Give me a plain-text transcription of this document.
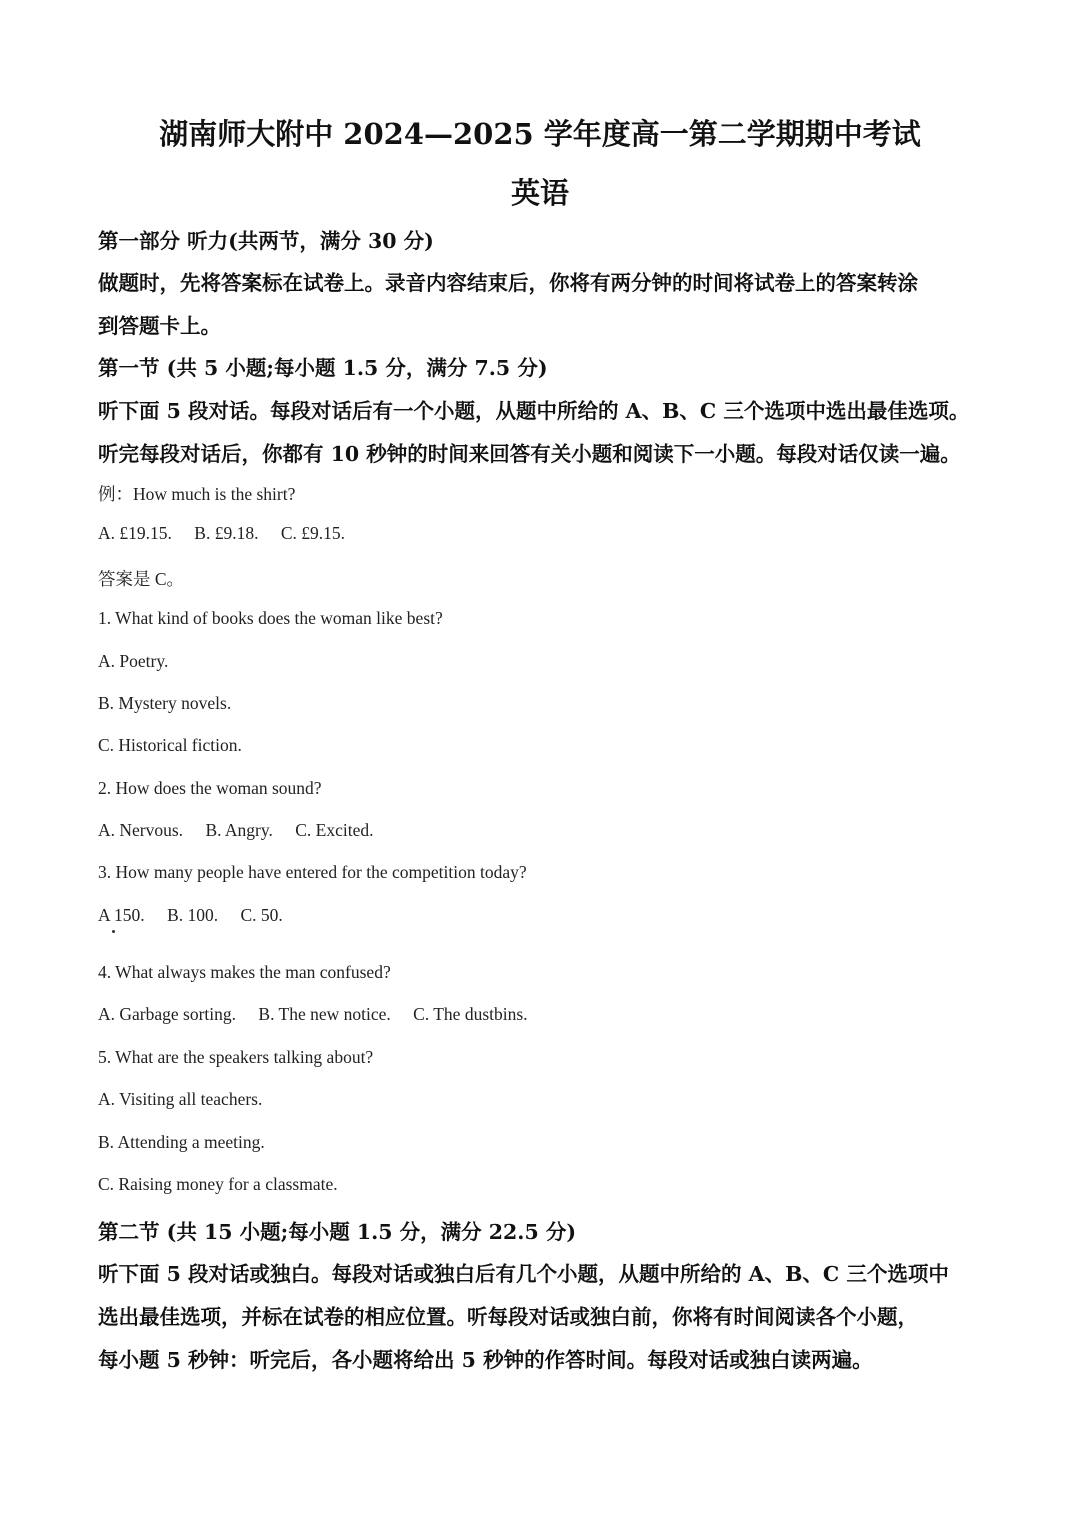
湖南师大附中 2024—2025 学年度高一第二学期期中考试
英语
第一部分 听力(共两节，满分 30 分)
做题时，先将答案标在试卷上。录音内容结束后，你将有两分钟的时间将试卷上的答案转涂
到答题卡上。
第一节 (共 5 小题;每小题 1.5 分，满分 7.5 分)
听下面 5 段对话。每段对话后有一个小题，从题中所给的 A、B、C 三个选项中选出最佳选项。
听完每段对话后，你都有 10 秒钟的时间来回答有关小题和阅读下一小题。每段对话仅读一遍。
例：How much is the shirt?
A. £19.15. B. £9.18. C. £9.15.
答案是 C。
1. What kind of books does the woman like best?
A. Poetry.
B. Mystery novels.
C. Historical fiction.
2. How does the woman sound?
A. Nervous. B. Angry. C. Excited.
3. How many people have entered for the competition today?
A 150. B. 100. C. 50.
4. What always makes the man confused?
A. Garbage sorting. B. The new notice. C. The dustbins.
5. What are the speakers talking about?
A. Visiting all teachers.
B. Attending a meeting.
C. Raising money for a classmate.
第二节 (共 15 小题;每小题 1.5 分，满分 22.5 分)
听下面 5 段对话或独白。每段对话或独白后有几个小题，从题中所给的 A、B、C 三个选项中
选出最佳选项，并标在试卷的相应位置。听每段对话或独白前，你将有时间阅读各个小题，
每小题 5 秒钟：听完后，各小题将给出 5 秒钟的作答时间。每段对话或独白读两遍。
